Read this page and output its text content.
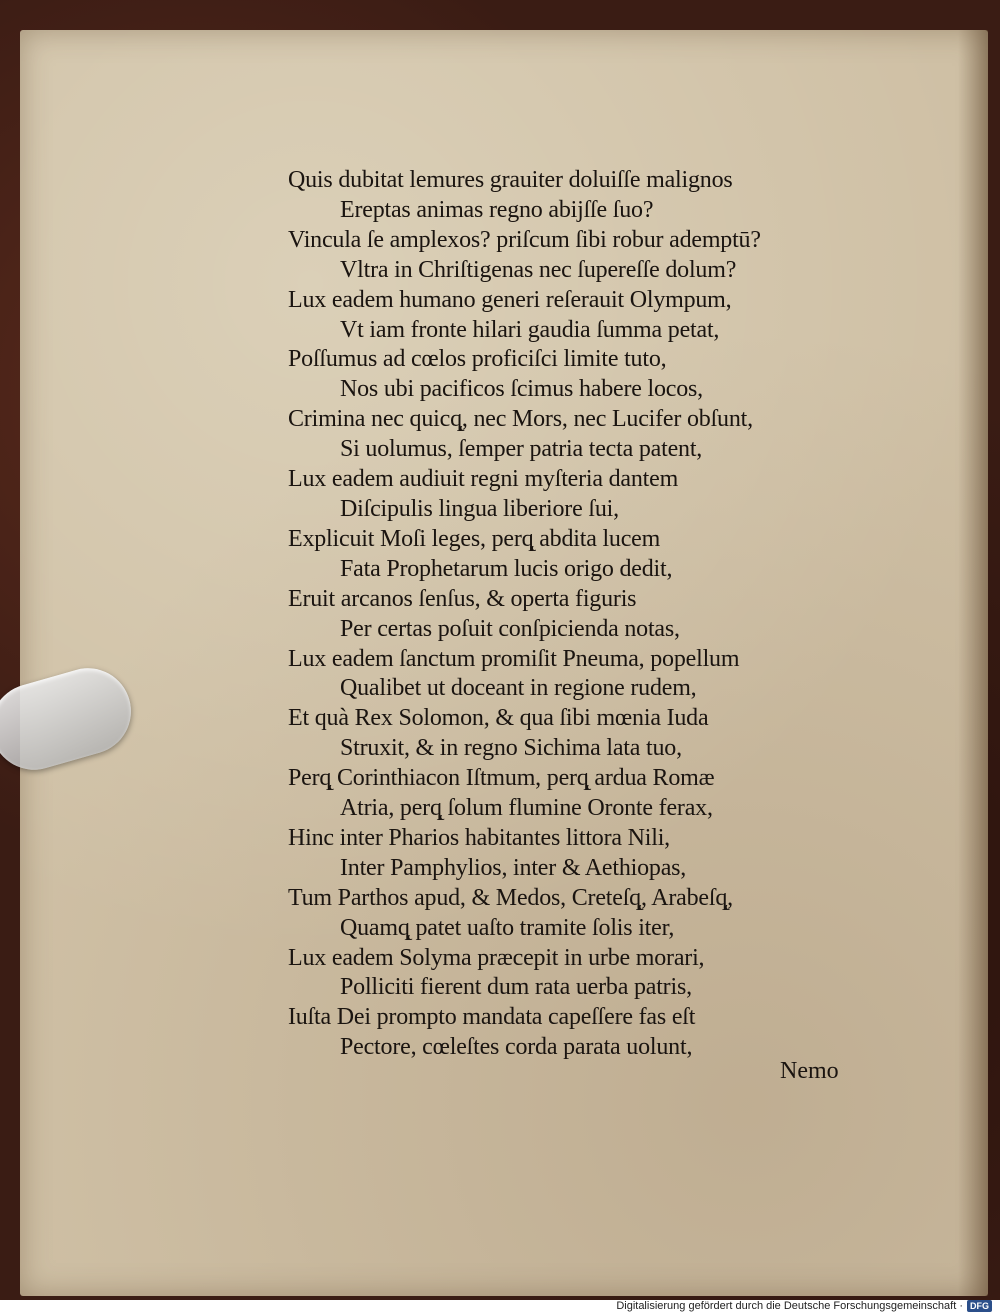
Quis dubitat lemures grauiter doluiſſe malignos
Ereptas animas regno abijſſe ſuo?
Vincula ſe amplexos? priſcum ſibi robur ademptū?
Vltra in Chriſtigenas nec ſupereſſe dolum?
Lux eadem humano generi reſerauit Olympum,
Vt iam fronte hilari gaudia ſumma petat,
Poſſumus ad cœlos proficiſci limite tuto,
Nos ubi pacificos ſcimus habere locos,
Crimina nec quicq̨, nec Mors, nec Lucifer obſunt,
Si uolumus, ſemper patria tecta patent,
Lux eadem audiuit regni myſteria dantem
Diſcipulis lingua liberiore ſui,
Explicuit Moſi leges, perq̨ abdita lucem
Fata Prophetarum lucis origo dedit,
Eruit arcanos ſenſus, & operta figuris
Per certas poſuit conſpicienda notas,
Lux eadem ſanctum promiſit Pneuma, popellum
Qualibet ut doceant in regione rudem,
Et quà Rex Solomon, & qua ſibi mœnia Iuda
Struxit, & in regno Sichima lata tuo,
Perq̨ Corinthiacon Iſtmum, perq̨ ardua Romæ
Atria, perq̨ ſolum flumine Oronte ferax,
Hinc inter Pharios habitantes littora Nili,
Inter Pamphylios, inter & Aethiopas,
Tum Parthos apud, & Medos, Creteſq̨, Arabeſq̨,
Quamq̨ patet uaſto tramite ſolis iter,
Lux eadem Solyma præcepit in urbe morari,
Polliciti fierent dum rata uerba patris,
Iuſta Dei prompto mandata capeſſere fas eſt
Pectore, cœleſtes corda parata uolunt,
Nemo
Digitalisierung gefördert durch die Deutsche Forschungsgemeinschaft · DFG
